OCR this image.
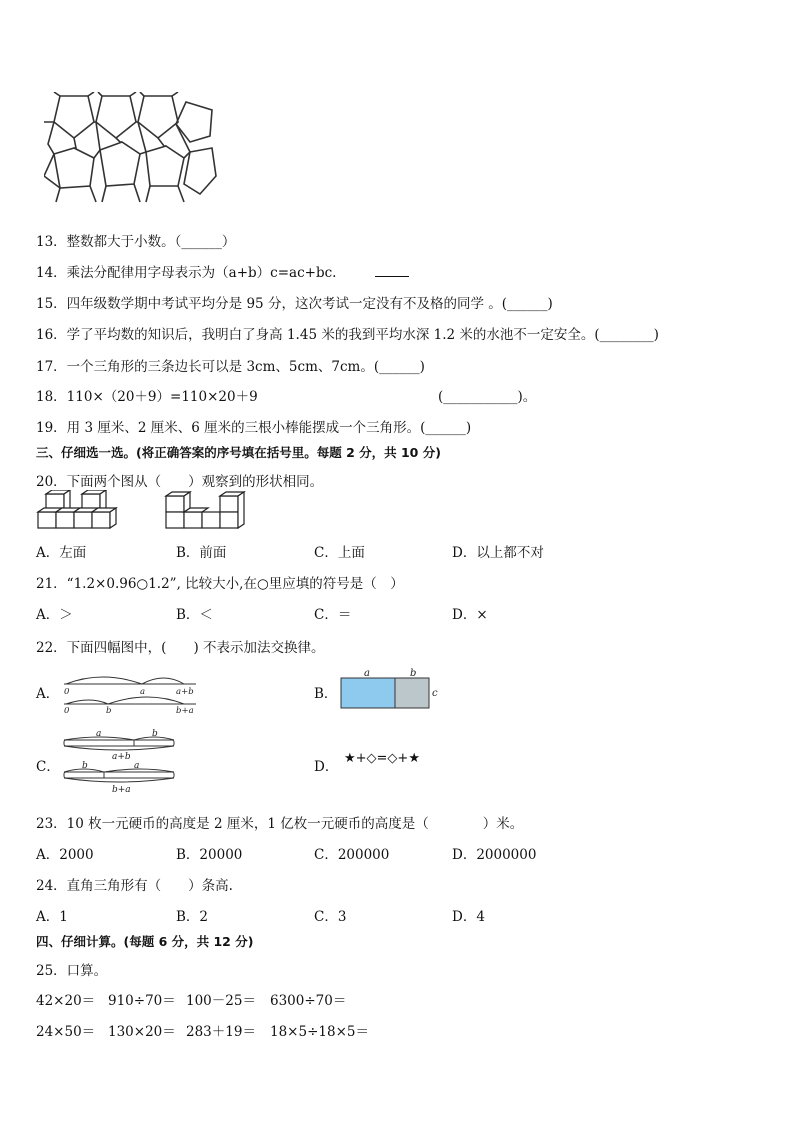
13．整数都大于小数。（______）
14．乘法分配律用字母表示为（a+b）c=ac+bc.
15．四年级数学期中考试平均分是 95 分，这次考试一定没有不及格的同学 。(______)
16．学了平均数的知识后，我明白了身高 1.45 米的我到平均水深 1.2 米的水池不一定安全。(________)
17．一个三角形的三条边长可以是 3cm、5cm、7cm。(______)
18．110×（20＋9）=110×20＋9	(___________)。
19．用 3 厘米、2 厘米、6 厘米的三根小棒能摆成一个三角形。(______)
三、仔细选一选。(将正确答案的序号填在括号里。每题 2 分，共 10 分)
20．下面两个图从（　　）观察到的形状相同。
A．左面	B．前面	C．上面	D．以上都不对
21．“1.2×0.96○1.2”, 比较大小,在○里应填的符号是（　）
A．＞	B．＜	C．＝	D．×
22．下面四幅图中，(　　) 不表示加法交换律。
A． 0	a	a+b
0	b	b+a
B．
a	b
c
C．
a	b
a+b
b	a
b+a
D．
★+◇=◇+★
23．10 枚一元硬币的高度是 2 厘米，1 亿枚一元硬币的高度是（　　　　）米。
A．2000	B．20000	C．200000	D．2000000
24．直角三角形有（　　）条高.
A．1	B．2	C．3	D．4
四、仔细计算。(每题 6 分，共 12 分)
25．口算。
42×20＝ 910÷70＝ 100－25＝ 6300÷70＝
24×50＝ 130×20＝ 283＋19＝ 18×5÷18×5＝
